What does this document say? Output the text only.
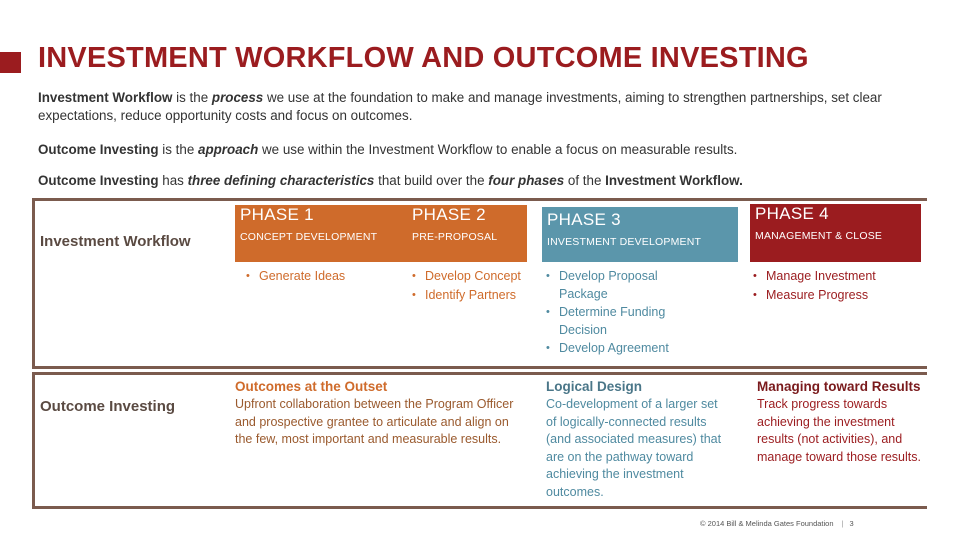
INVESTMENT WORKFLOW AND OUTCOME INVESTING

Investment Workflow is the process we use at the foundation to make and manage investments, aiming to strengthen partnerships, set clear expectations, reduce opportunity costs and focus on outcomes.

Outcome Investing is the approach we use within the Investment Workflow to enable a focus on measurable results.

Outcome Investing has three defining characteristics that build over the four phases of the Investment Workflow.

Investment Workflow
Outcome Investing
PHASE 1
CONCEPT DEVELOPMENT
PHASE 2
PRE-PROPOSAL
PHASE 3
INVESTMENT DEVELOPMENT
PHASE 4
MANAGEMENT & CLOSE
• Generate Ideas
•	Develop Concept
• Identify Partners
• Develop Proposal Package
• Determine Funding Decision
• Develop Agreement
• Manage Investment
• Measure Progress
Outcomes at the Outset
Upfront collaboration between the Program Officer and prospective grantee to articulate and align on the few, most important and measurable results.
Logical Design
Co-development of a larger set of logically-connected results (and associated measures) that are on the pathway toward achieving the investment outcomes.
Managing toward Results
Track progress towards achieving the investment results (not activities), and manage toward those results.
© 2014 Bill & Melinda Gates Foundation | 3
